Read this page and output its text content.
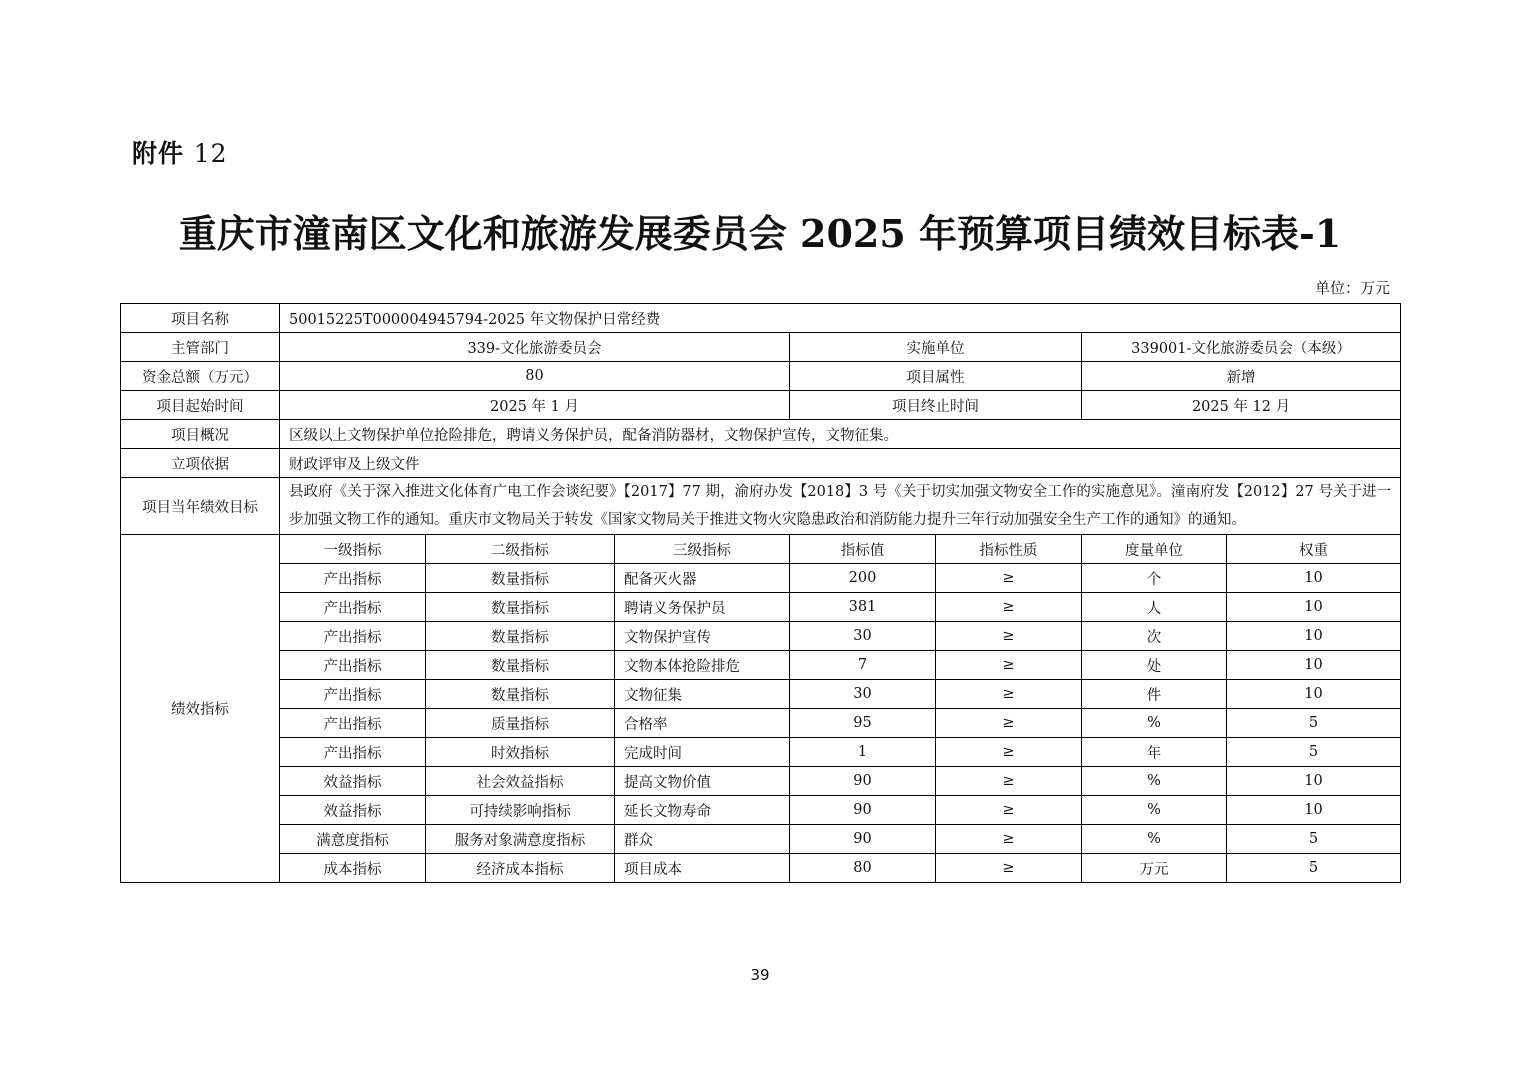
附件 12
重庆市潼南区文化和旅游发展委员会 2025 年预算项目绩效目标表-1
单位：万元
项目名称	50015225T000004945794-2025 年文物保护日常经费						
主管部门	339-文化旅游委员会			实施单位		339001-文化旅游委员会（本级）	
资金总额（万元）	80			项目属性		新增	
项目起始时间	2025 年 1 月			项目终止时间		2025 年 12 月	
项目概况	区级以上文物保护单位抢险排危，聘请义务保护员，配备消防器材，文物保护宣传，文物征集。						
立项依据	财政评审及上级文件						
项目当年绩效目标	县政府《关于深入推进文化体育广电工作会谈纪要》【2017】77 期，渝府办发【2018】3 号《关于切实加强文物安全工作的实施意见》。潼南府发【2012】27 号关于进一步加强文物工作的通知。重庆市文物局关于转发《国家文物局关于推进文物火灾隐患政治和消防能力提升三年行动加强安全生产工作的通知》的通知。						
绩效指标	一级指标	二级指标	三级指标	指标值	指标性质	度量单位	权重
	产出指标	数量指标	配备灭火器	200	≥	个	10
	产出指标	数量指标	聘请义务保护员	381	≥	人	10
	产出指标	数量指标	文物保护宣传	30	≥	次	10
	产出指标	数量指标	文物本体抢险排危	7	≥	处	10
	产出指标	数量指标	文物征集	30	≥	件	10
	产出指标	质量指标	合格率	95	≥	%	5
	产出指标	时效指标	完成时间	1	≥	年	5
	效益指标	社会效益指标	提高文物价值	90	≥	%	10
	效益指标	可持续影响指标	延长文物寿命	90	≥	%	10
	满意度指标	服务对象满意度指标	群众	90	≥	%	5
	成本指标	经济成本指标	项目成本	80	≥	万元	5
39
